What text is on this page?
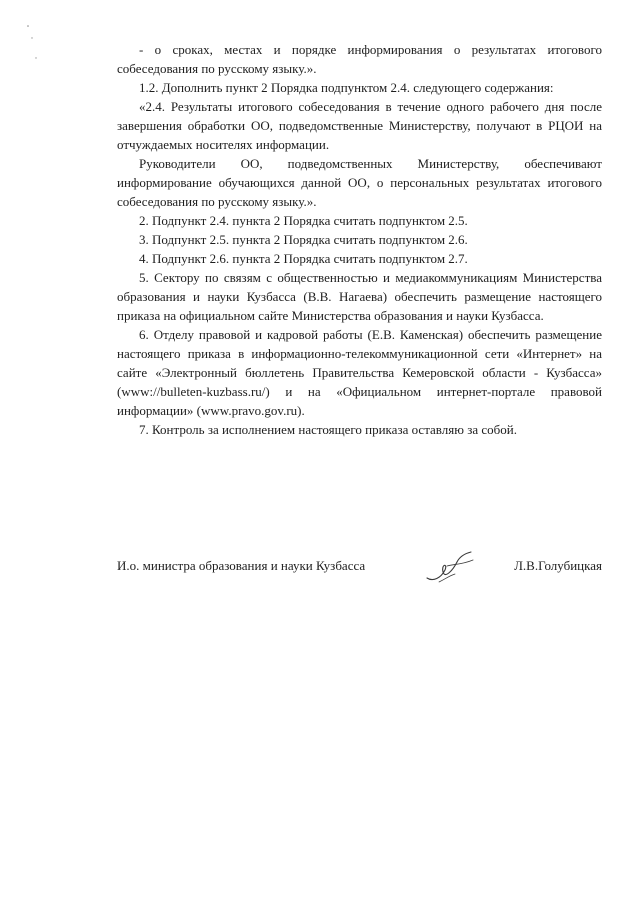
- о сроках, местах и порядке информирования о результатах итогового собеседования по русскому языку.».

1.2. Дополнить пункт 2 Порядка подпунктом 2.4. следующего содержания:

«2.4. Результаты итогового собеседования в течение одного рабочего дня после завершения обработки ОО, подведомственные Министерству, получают в РЦОИ на отчуждаемых носителях информации.

Руководители ОО, подведомственных Министерству, обеспечивают информирование обучающихся данной ОО, о персональных результатах итогового собеседования по русскому языку.».

2. Подпункт 2.4. пункта 2 Порядка считать подпунктом 2.5.

3. Подпункт 2.5. пункта 2 Порядка считать подпунктом 2.6.

4. Подпункт 2.6. пункта 2 Порядка считать подпунктом 2.7.

5. Сектору по связям с общественностью и медиакоммуникациям Министерства образования и науки Кузбасса (В.В. Нагаева) обеспечить размещение настоящего приказа на официальном сайте Министерства образования и науки Кузбасса.

6. Отделу правовой и кадровой работы (Е.В. Каменская) обеспечить размещение настоящего приказа в информационно-телекоммуникационной сети «Интернет» на сайте «Электронный бюллетень Правительства Кемеровской области - Кузбасса» (www://bulleten-kuzbass.ru/) и на «Официальном интернет-портале правовой информации» (www.pravo.gov.ru).

7. Контроль за исполнением настоящего приказа оставляю за собой.

И.о. министра образования и науки Кузбасса	Л.В.Голубицкая
